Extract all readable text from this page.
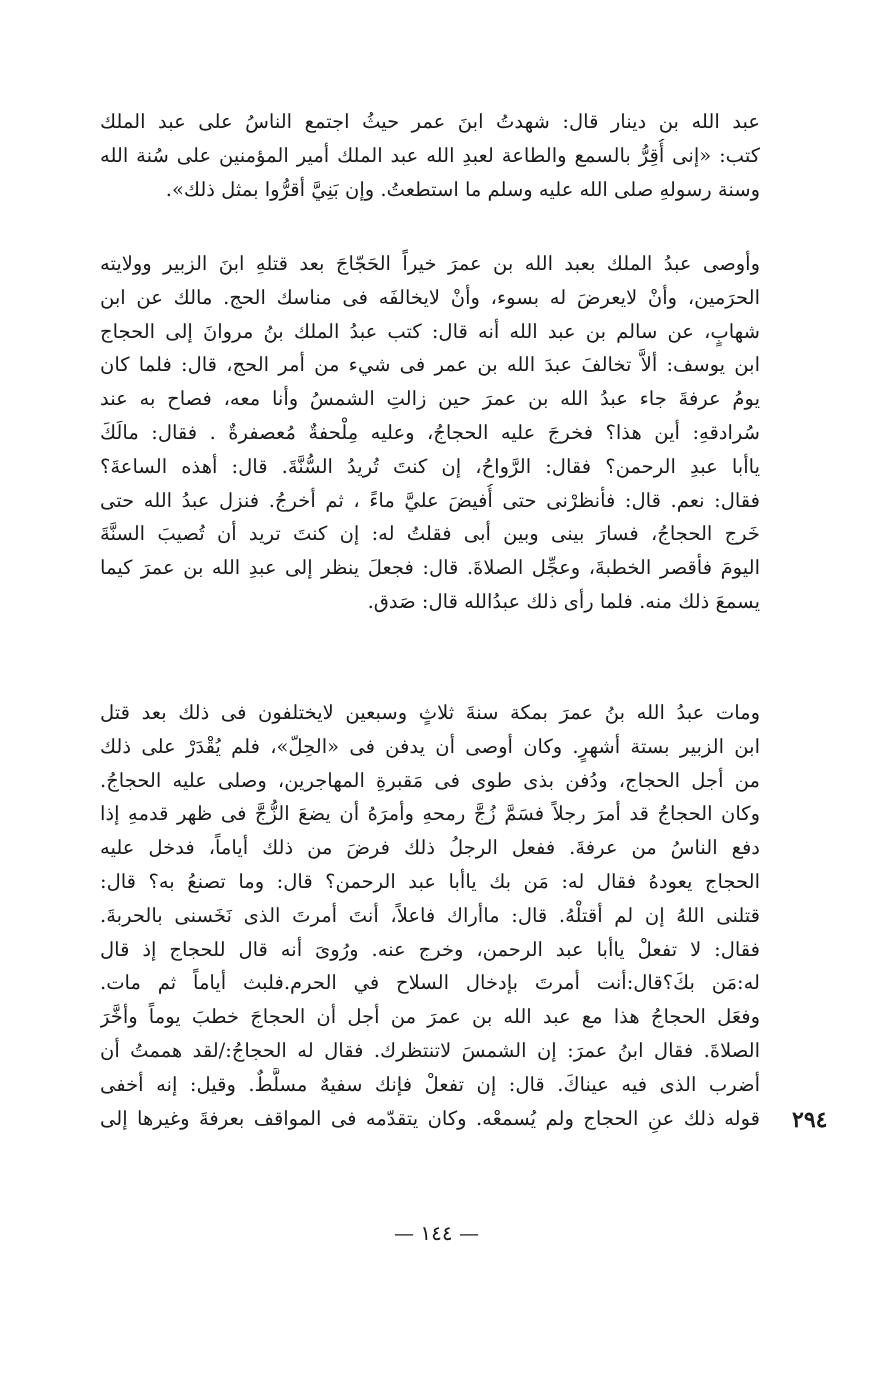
عبد الله بن دينار قال: شهدتُ ابنَ عمر حيثُ اجتمع الناسُ على عبد الملك
كتب: «إنى أُقِرُّ بالسمع والطاعة لعبدِ الله عبد الملك أمير المؤمنين على سُنة الله
وسنة رسولهِ صلى الله عليه وسلم ما استطعتُ. وإن بَنِيَّ أقرُّوا بمثل ذلك».
وأوصى عبدُ الملك بعبد الله بن عمرَ خيراً الحَجّاجَ بعد قتلهِ ابنَ الزبير وولايته
الحرَمين، وأنْ لايعرضَ له بسوء، وأنْ لايخالفَه فى مناسك الحج. مالك عن ابن
شهابٍ، عن سالم بن عبد الله أنه قال: كتب عبدُ الملك بنُ مروانَ إلى الحجاج
ابن يوسف: ألاَّ تخالفَ عبدَ الله بن عمر فى شيء من أمر الحج، قال: فلما كان
يومُ عرفةَ جاء عبدُ الله بن عمرَ حين زالتِ الشمسُ وأنا معه، فصاح به عند
سُرادقهِ: أين هذا؟ فخرجَ عليه الحجاجُ، وعليه مِلْحفةٌ مُعصفرةٌ . فقال: مالَكَ
ياأبا عبدِ الرحمن؟ فقال: الرَّواحُ، إن كنتَ تُريدُ السُّنَّةَ. قال: أهذه الساعةَ؟
فقال: نعم. قال: فأنظرْنى حتى أُفيضَ عليَّ ماءً ، ثم أخرجُ. فنزل عبدُ الله حتى
خَرج الحجاجُ، فسارَ بينى وبين أبى فقلتُ له: إن كنتَ تريد أن تُصيبَ السنَّةَ
اليومَ فأقصر الخطبةَ، وعجِّل الصلاةَ. قال: فجعلَ ينظر إلى عبدِ الله بن عمرَ كيما
يسمعَ ذلك منه. فلما رأى ذلك عبدُالله قال: صَدق.
ومات عبدُ الله بنُ عمرَ بمكة سنةَ ثلاثٍ وسبعين لايختلفون فى ذلك بعد قتل
ابن الزبير بستة أشهرٍ. وكان أوصى أن يدفن فى «الحِلّ»، فلم يُقْدَرْ على ذلك
من أجل الحجاج، ودُفن بذى طوى فى مَقبرةِ المهاجرين، وصلى عليه الحجاجُ.
وكان الحجاجُ قد أمرَ رجلاً فسَمَّ زُجَّ رمحهِ وأمرَهُ أن يضعَ الزُّجَّ فى ظهر قدمهِ إذا
دفع الناسُ من عرفةَ. ففعل الرجلُ ذلك فرضَ من ذلك أياماً، فدخل عليه
الحجاج يعودهُ فقال له: مَن بك ياأبا عبد الرحمن؟ قال: وما تصنعُ به؟ قال:
قتلنى اللهُ إن لم أقتلْهُ. قال: ماأراك فاعلاً، أنتَ أمرتَ الذى نَخَسنى بالحربةَ.
فقال: لا تفعلْ ياأبا عبد الرحمن، وخرج عنه. ورُوىَ أنه قال للحجاج إذ قال
له:مَن بكَ؟قال:أنت أمرتَ بإدخال السلاح في الحرم.فلبث أياماً ثم مات.
وفعَل الحجاجُ هذا مع عبد الله بن عمرَ من أجل أن الحجاجَ خطبَ يوماً وأخَّرَ
الصلاةَ. فقال ابنُ عمرَ: إن الشمسَ لاتنتظرك. فقال له الحجاجُ:/لقد هممتُ أن
أضرب الذى فيه عيناكَ. قال: إن تفعلْ فإنك سفيهٌ مسلَّطٌ. وقيل: إنه أخفى
قوله ذلك عنِ الحجاج ولم يُسمعْه. وكان يتقدّمه فى المواقف بعرفةَ وغيرها إلى ٢٩٤
— ١٤٤ —
